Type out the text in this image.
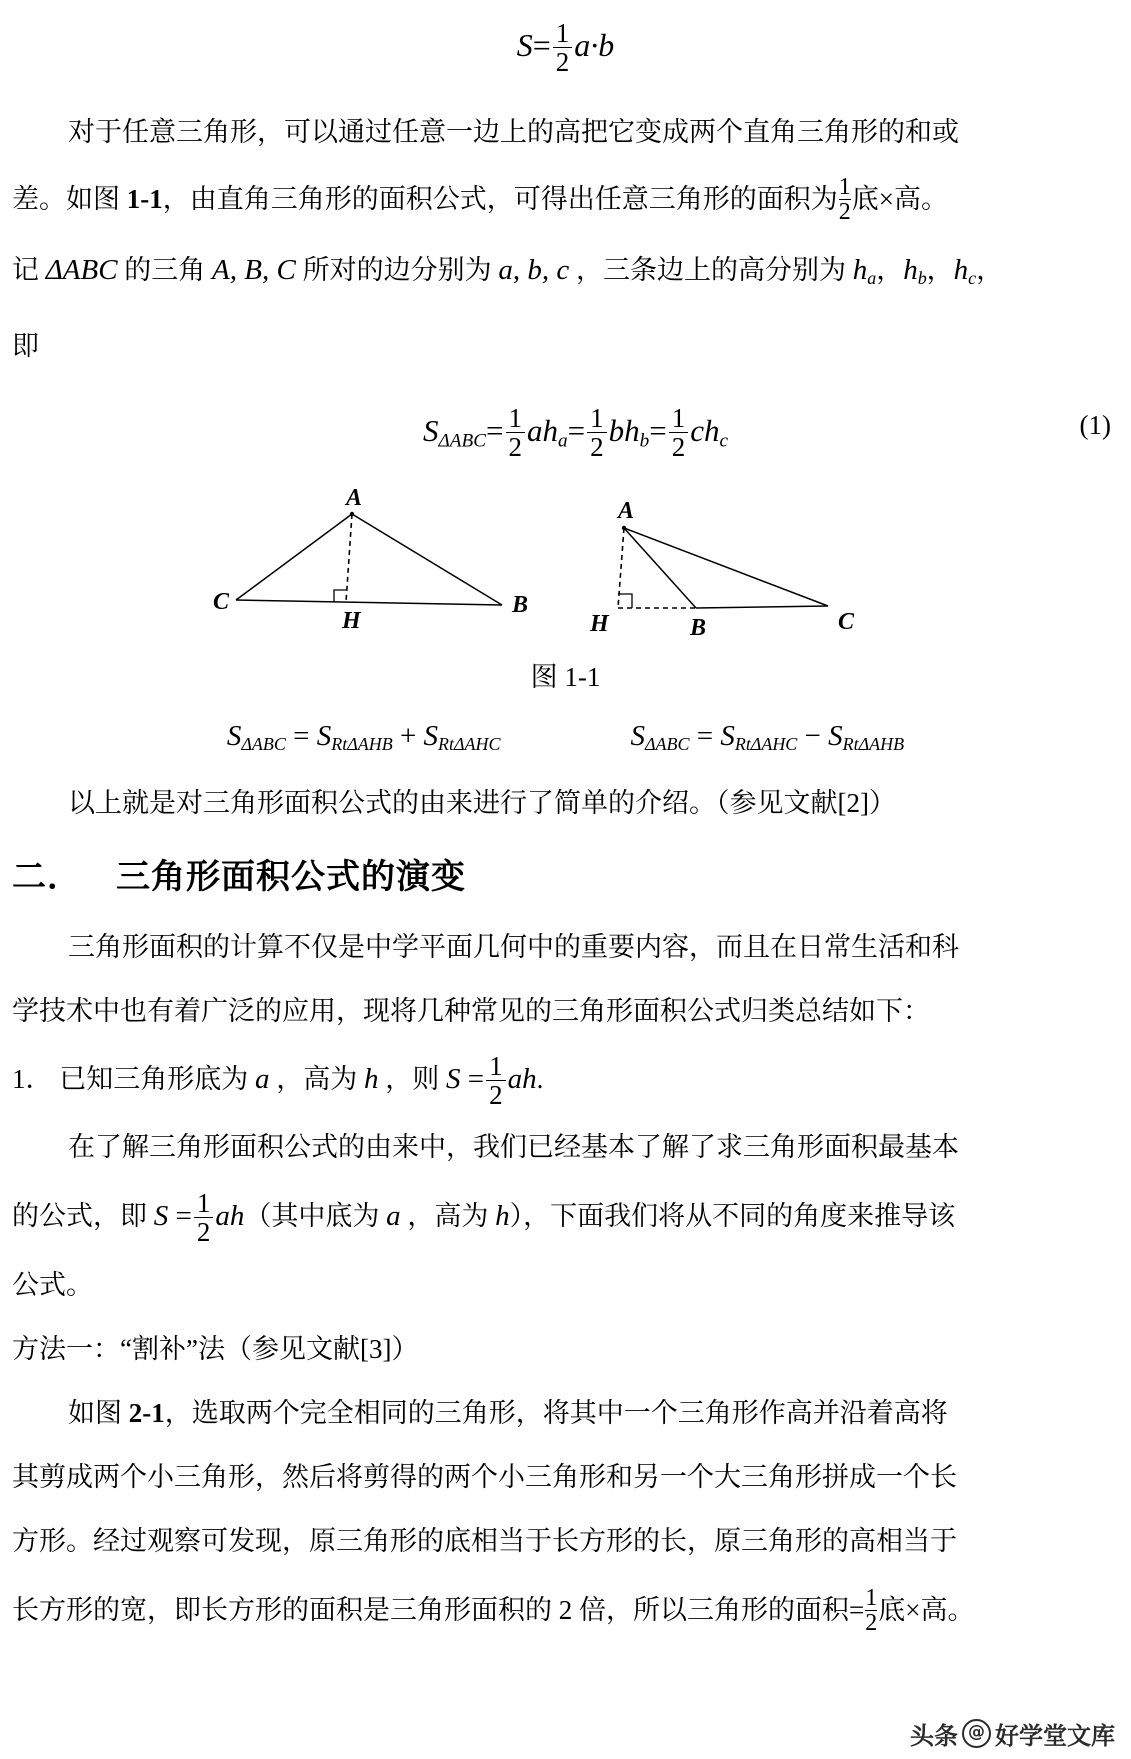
$S= \frac{1}{2} a\cdot b$
对于任意三角形，可以通过任意一边上的高把它变成两个直角三角形的和或
差。如图 1-1，由直角三角形的面积公式，可得出任意三角形的面积为 $\frac{1}{2}$ 底×高。
记 ΔABC 的三角 A, B, C 所对的边分别为 a, b, c ，三条边上的高分别为 $h_a$，$h_b$，$h_c$，
即
$S_{\Delta ABC}= \frac{1}{2} ah_a= \frac{1}{2} bh_b= \frac{1}{2} ch_c$
(1)
A
C
H
B
A
H	B	C
图 1-1
$S_{\Delta ABC} = S_{Rt\Delta AHB} + S_{Rt\Delta AHC}$	$S_{\Delta ABC} = S_{Rt\Delta AHC} - S_{Rt\Delta AHB}$
以上就是对三角形面积公式的由来进行了简单的介绍。（参见文献[2]）
二． 三角形面积公式的演变
三角形面积的计算不仅是中学平面几何中的重要内容，而且在日常生活和科
学技术中也有着广泛的应用，现将几种常见的三角形面积公式归类总结如下：
1． 已知三角形底为 a ，高为 h ，则 $S = \frac{1}{2}$ ah.
在了解三角形面积公式的由来中，我们已经基本了解了求三角形面积最基本
的公式，即 $S = \frac{1}{2} ah$（其中底为 a ，高为 h），下面我们将从不同的角度来推导该
公式。
方法一：“割补”法（参见文献[3]）
如图 2-1，选取两个完全相同的三角形，将其中一个三角形作高并沿着高将
其剪成两个小三角形，然后将剪得的两个小三角形和另一个大三角形拼成一个长
方形。经过观察可发现，原三角形的底相当于长方形的长，原三角形的高相当于
长方形的宽，即长方形的面积是三角形面积的 2 倍，所以三角形的面积= $\frac{1}{2}$ 底×高。
头条 @ 好学堂文库
